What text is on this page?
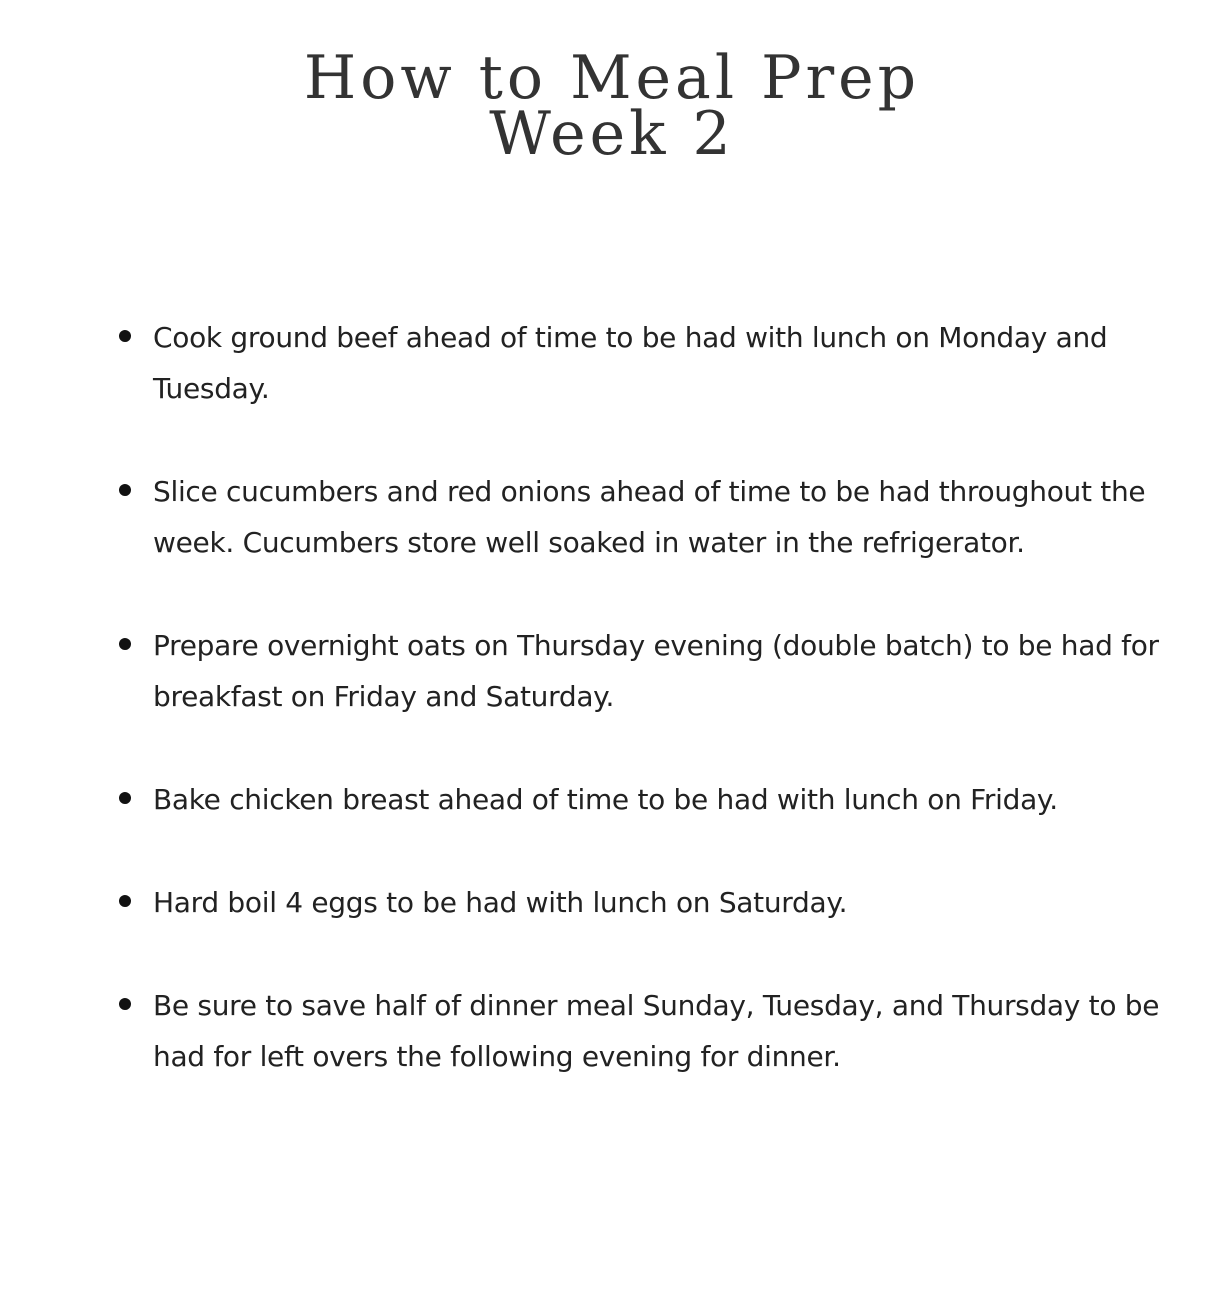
How to Meal Prep
Week 2
Cook ground beef ahead of time to be had with lunch on Monday and Tuesday.
Slice cucumbers and red onions ahead of time to be had throughout the week. Cucumbers store well soaked in water in the refrigerator.
Prepare overnight oats on Thursday evening (double batch) to be had for breakfast on Friday and Saturday.
Bake chicken breast ahead of time to be had with lunch on Friday.
Hard boil 4 eggs to be had with lunch on Saturday.
Be sure to save half of dinner meal Sunday, Tuesday, and Thursday to be had for left overs the following evening for dinner.
